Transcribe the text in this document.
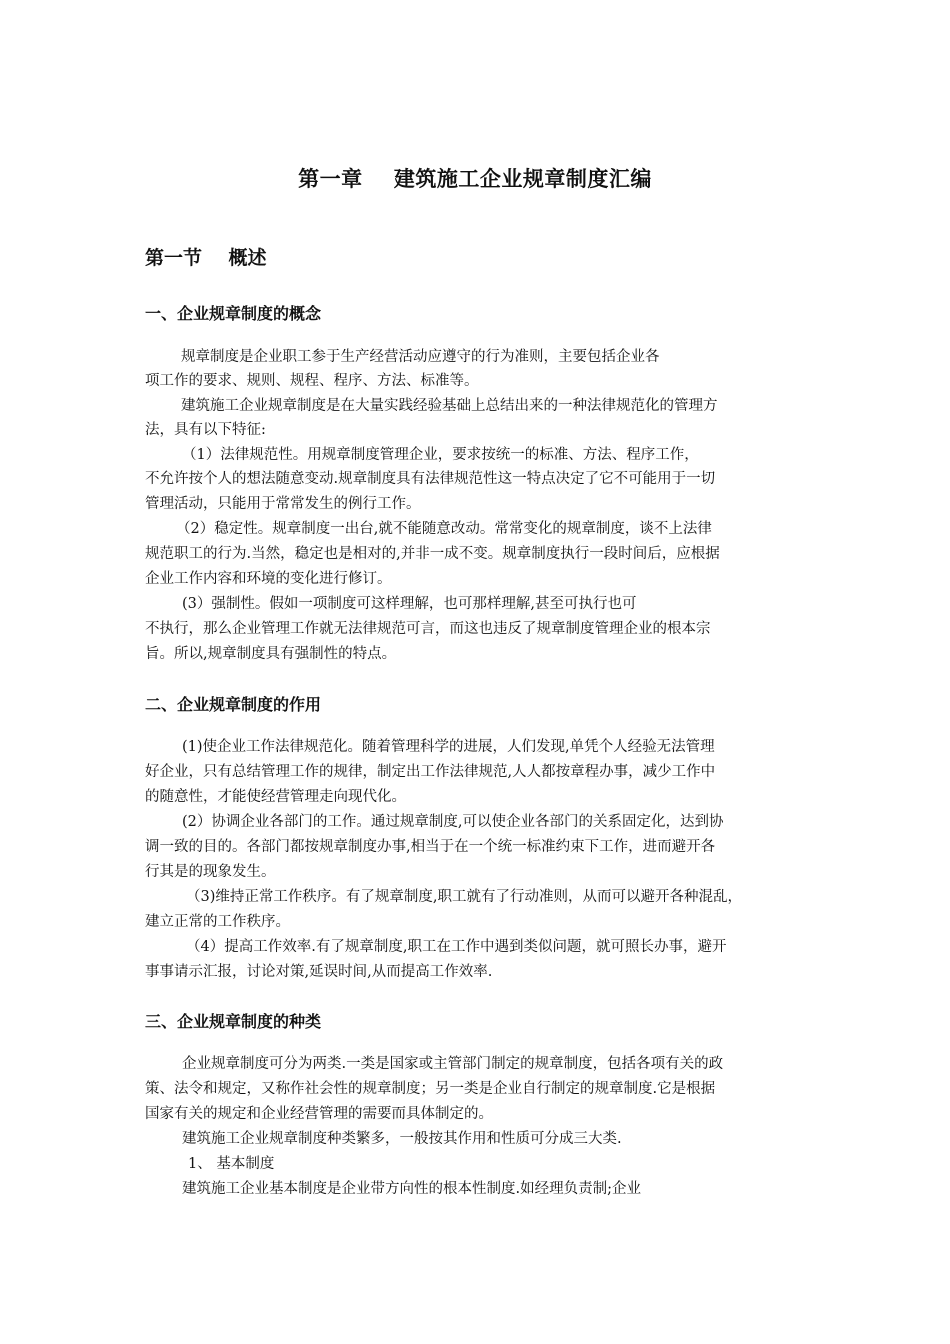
第一章    建筑施工企业规章制度汇编
第一节    概述
一、企业规章制度的概念
规章制度是企业职工参于生产经营活动应遵守的行为准则，主要包括企业各
项工作的要求、规则、规程、程序、方法、标准等。
建筑施工企业规章制度是在大量实践经验基础上总结出来的一种法律规范化的管理方
法，具有以下特征:
（1）法律规范性。用规章制度管理企业，要求按统一的标准、方法、程序工作，
不允许按个人的想法随意变动.规章制度具有法律规范性这一特点决定了它不可能用于一切
管理活动，只能用于常常发生的例行工作。
（2）稳定性。规章制度一出台,就不能随意改动。常常变化的规章制度，谈不上法律
规范职工的行为.当然，稳定也是相对的,并非一成不变。规章制度执行一段时间后，应根据
企业工作内容和环境的变化进行修订。
(3）强制性。假如一项制度可这样理解，也可那样理解,甚至可执行也可
不执行，那么企业管理工作就无法律规范可言，而这也违反了规章制度管理企业的根本宗
旨。所以,规章制度具有强制性的特点。
二、企业规章制度的作用
(1)使企业工作法律规范化。随着管理科学的进展，人们发现,单凭个人经验无法管理
好企业，只有总结管理工作的规律，制定出工作法律规范,人人都按章程办事，减少工作中
的随意性，才能使经营管理走向现代化。
(2）协调企业各部门的工作。通过规章制度,可以使企业各部门的关系固定化，达到协
调一致的目的。各部门都按规章制度办事,相当于在一个统一标准约束下工作，进而避开各
行其是的现象发生。
（3)维持正常工作秩序。有了规章制度,职工就有了行动准则，从而可以避开各种混乱，
建立正常的工作秩序。
（4）提高工作效率.有了规章制度,职工在工作中遇到类似问题，就可照长办事，避开
事事请示汇报，讨论对策,延误时间,从而提高工作效率.
三、企业规章制度的种类
企业规章制度可分为两类.一类是国家或主管部门制定的规章制度，包括各项有关的政
策、法令和规定，又称作社会性的规章制度；另一类是企业自行制定的规章制度.它是根据
国家有关的规定和企业经营管理的需要而具体制定的。
建筑施工企业规章制度种类繁多，一般按其作用和性质可分成三大类.
1、 基本制度
建筑施工企业基本制度是企业带方向性的根本性制度.如经理负责制;企业
